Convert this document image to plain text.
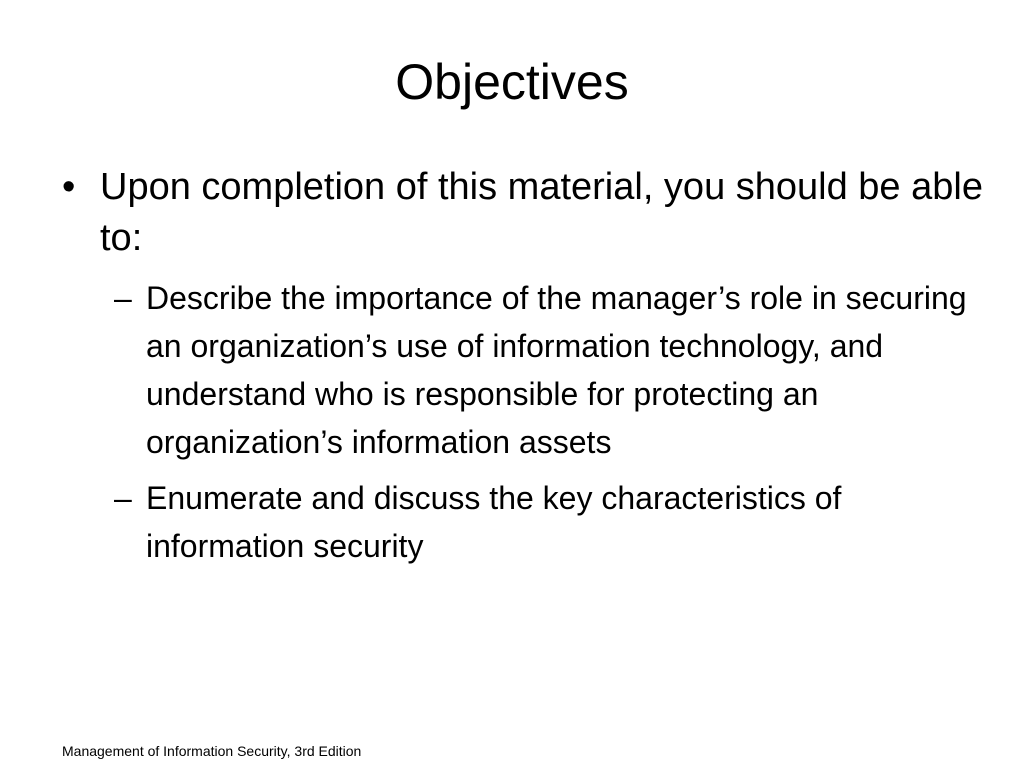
Objectives
• Upon completion of this material, you should be able to:
– Describe the importance of the manager’s role in securing an organization’s use of information technology, and understand who is responsible for protecting an organization’s information assets
– Enumerate and discuss the key characteristics of information security
Management of Information Security, 3rd Edition
